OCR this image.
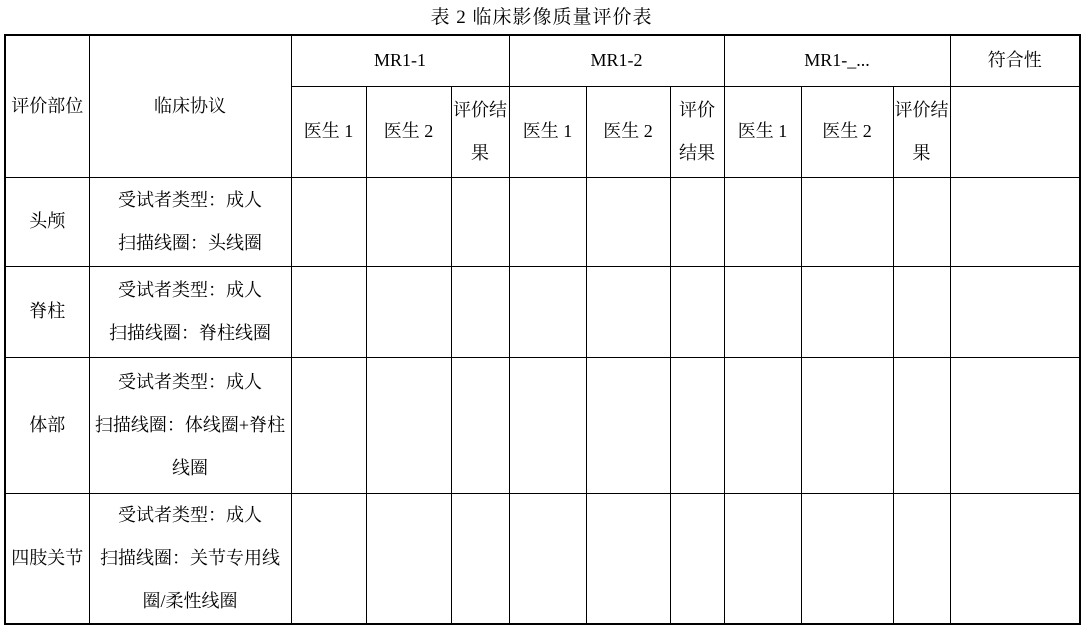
表 2 临床影像质量评价表
评价部位	临床协议	MR1-1			MR1-2			MR1-_...			符合性
		医生 1	医生 2	评价结果	医生 1	医生 2	评价结果	医生 1	医生 2	评价结果	
头颅	受试者类型：成人
扫描线圈：头线圈										

脊柱	受试者类型：成人
扫描线圈：脊柱线圈										

体部	受试者类型：成人
扫描线圈：体线圈+脊柱线圈										

四肢关节	受试者类型：成人
扫描线圈：关节专用线圈/柔性线圈										
